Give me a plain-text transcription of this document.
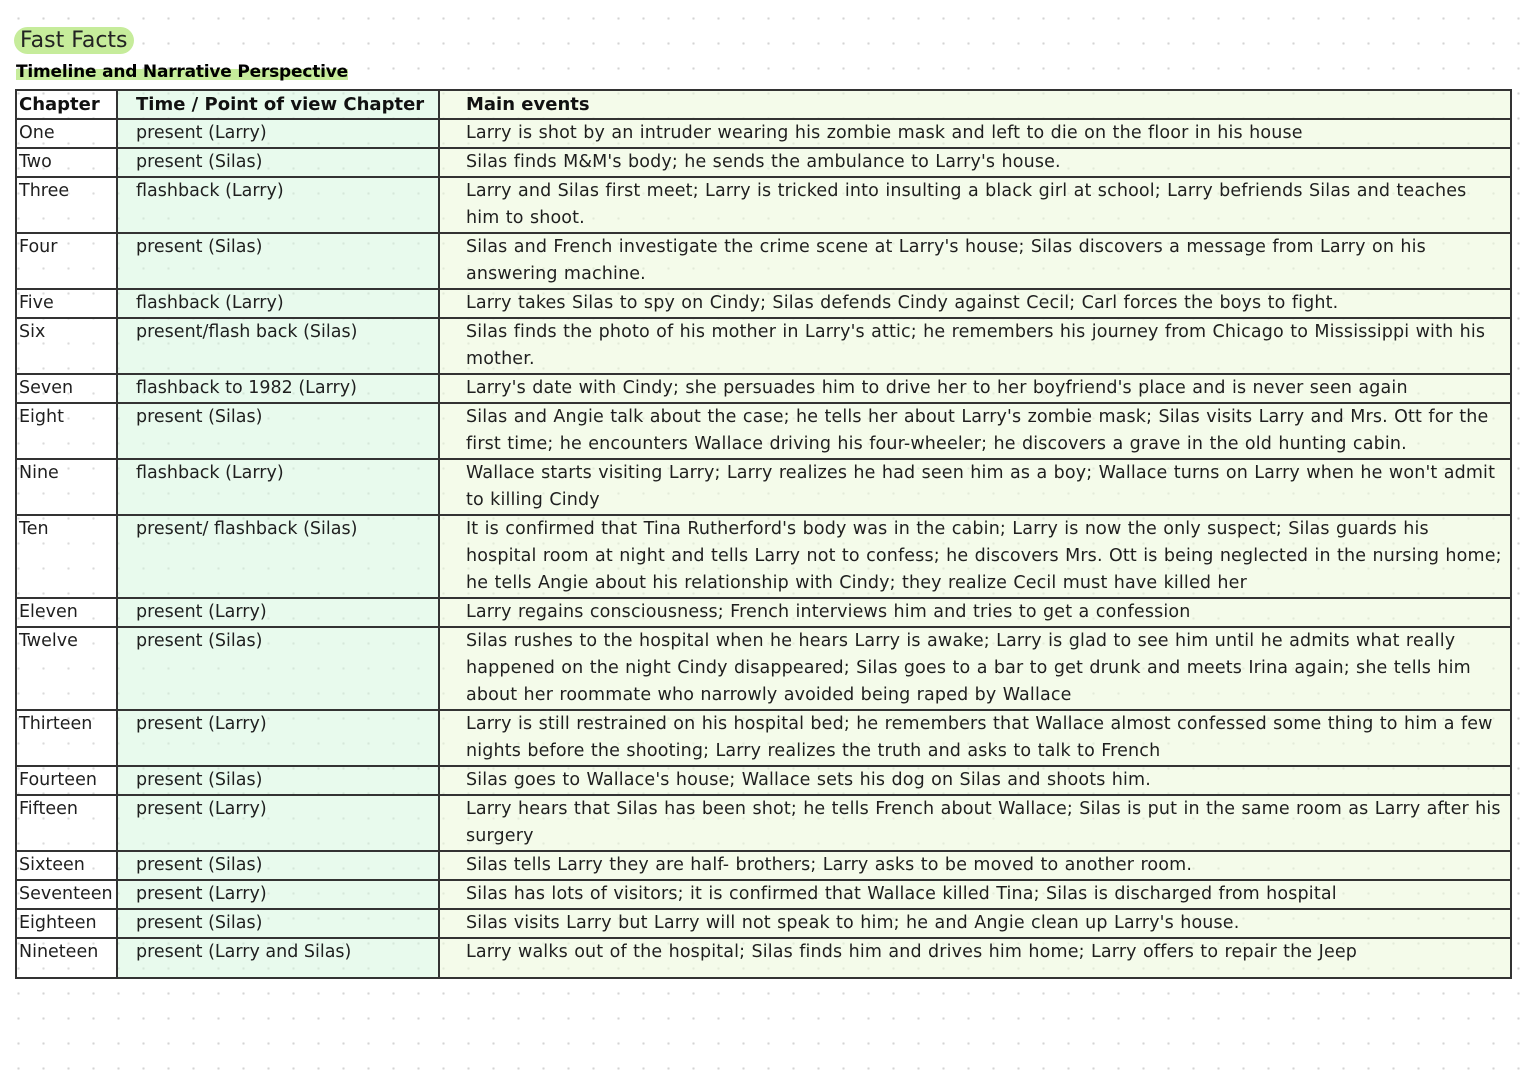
Fast Facts
Timeline and Narrative Perspective
Chapter	Time / Point of view Chapter	Main events
One	present (Larry)	Larry is shot by an intruder wearing his zombie mask and left to die on the floor in his house
Two	present (Silas)	Silas finds M&M's body; he sends the ambulance to Larry's house.
Three	flashback (Larry)	Larry and Silas first meet; Larry is tricked into insulting a black girl at school; Larry befriends Silas and teaches him to shoot.
Four	present (Silas)	Silas and French investigate the crime scene at Larry's house; Silas discovers a message from Larry on his answering machine.
Five	flashback (Larry)	Larry takes Silas to spy on Cindy; Silas defends Cindy against Cecil; Carl forces the boys to fight.
Six	present/flash back (Silas)	Silas finds the photo of his mother in Larry's attic; he remembers his journey from Chicago to Mississippi with his mother.
Seven	flashback to 1982 (Larry)	Larry's date with Cindy; she persuades him to drive her to her boyfriend's place and is never seen again
Eight	present (Silas)	Silas and Angie talk about the case; he tells her about Larry's zombie mask; Silas visits Larry and Mrs. Ott for the first time; he encounters Wallace driving his four-wheeler; he discovers a grave in the old hunting cabin.
Nine	flashback (Larry)	Wallace starts visiting Larry; Larry realizes he had seen him as a boy; Wallace turns on Larry when he won't admit to killing Cindy
Ten	present/ flashback (Silas)	It is confirmed that Tina Rutherford's body was in the cabin; Larry is now the only suspect; Silas guards his hospital room at night and tells Larry not to confess; he discovers Mrs. Ott is being neglected in the nursing home; he tells Angie about his relationship with Cindy; they realize Cecil must have killed her
Eleven	present (Larry)	Larry regains consciousness; French interviews him and tries to get a confession
Twelve	present (Silas)	Silas rushes to the hospital when he hears Larry is awake; Larry is glad to see him until he admits what really happened on the night Cindy disappeared; Silas goes to a bar to get drunk and meets Irina again; she tells him about her roommate who narrowly avoided being raped by Wallace
Thirteen	present (Larry)	Larry is still restrained on his hospital bed; he remembers that Wallace almost confessed some thing to him a few nights before the shooting; Larry realizes the truth and asks to talk to French
Fourteen	present (Silas)	Silas goes to Wallace's house; Wallace sets his dog on Silas and shoots him.
Fifteen	present (Larry)	Larry hears that Silas has been shot; he tells French about Wallace; Silas is put in the same room as Larry after his surgery
Sixteen	present (Silas)	Silas tells Larry they are half- brothers; Larry asks to be moved to another room.
Seventeen	present (Larry)	Silas has lots of visitors; it is confirmed that Wallace killed Tina; Silas is discharged from hospital
Eighteen	present (Silas)	Silas visits Larry but Larry will not speak to him; he and Angie clean up Larry's house.
Nineteen	present (Larry and Silas)	Larry walks out of the hospital; Silas finds him and drives him home; Larry offers to repair the Jeep
